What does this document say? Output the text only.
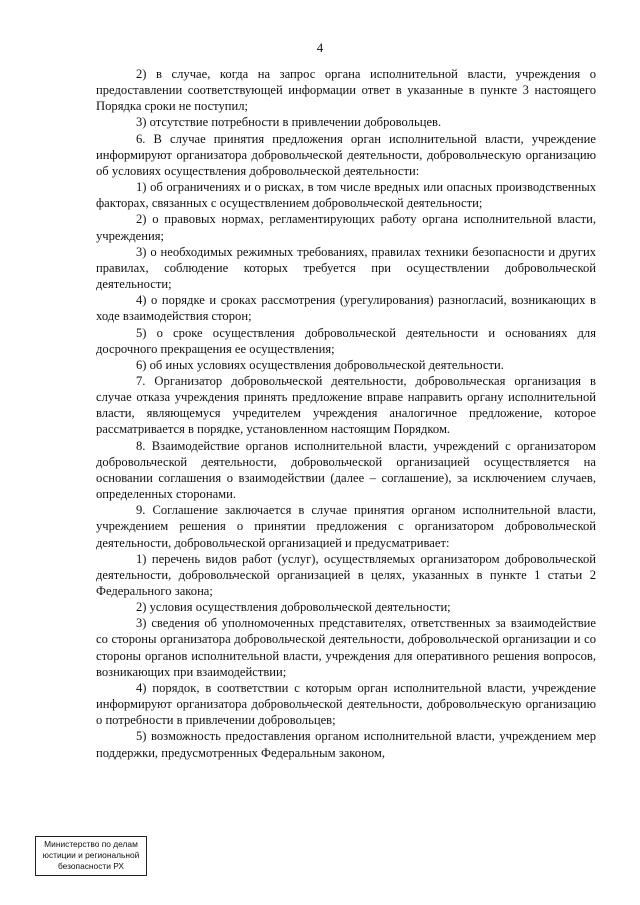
4

2) в случае, когда на запрос органа исполнительной власти, учреждения о предоставлении соответствующей информации ответ в указанные в пункте 3 настоящего Порядка сроки не поступил;

3) отсутствие потребности в привлечении добровольцев.

6. В случае принятия предложения орган исполнительной власти, учреждение информируют организатора добровольческой деятельности, добровольческую организацию об условиях осуществления добровольческой деятельности:

1) об ограничениях и о рисках, в том числе вредных или опасных производственных факторах, связанных с осуществлением добровольческой деятельности;

2) о правовых нормах, регламентирующих работу органа исполнительной власти, учреждения;

3) о необходимых режимных требованиях, правилах техники безопасности и других правилах, соблюдение которых требуется при осуществлении добровольческой деятельности;

4) о порядке и сроках рассмотрения (урегулирования) разногласий, возникающих в ходе взаимодействия сторон;

5) о сроке осуществления добровольческой деятельности и основаниях для досрочного прекращения ее осуществления;

6) об иных условиях осуществления добровольческой деятельности.

7. Организатор добровольческой деятельности, добровольческая организация в случае отказа учреждения принять предложение вправе направить органу исполнительной власти, являющемуся учредителем учреждения аналогичное предложение, которое рассматривается в порядке, установленном настоящим Порядком.

8. Взаимодействие органов исполнительной власти, учреждений с организатором добровольческой деятельности, добровольческой организацией осуществляется на основании соглашения о взаимодействии (далее – соглашение), за исключением случаев, определенных сторонами.

9. Соглашение заключается в случае принятия органом исполнительной власти, учреждением решения о принятии предложения с организатором добровольческой деятельности, добровольческой организацией и предусматривает:

1) перечень видов работ (услуг), осуществляемых организатором добровольческой деятельности, добровольческой организацией в целях, указанных в пункте 1 статьи 2 Федерального закона;

2) условия осуществления добровольческой деятельности;

3) сведения об уполномоченных представителях, ответственных за взаимодействие со стороны организатора добровольческой деятельности, добровольческой организации и со стороны органов исполнительной власти, учреждения для оперативного решения вопросов, возникающих при взаимодействии;

4) порядок, в соответствии с которым орган исполнительной власти, учреждение информируют организатора добровольческой деятельности, добровольческую организацию о потребности в привлечении добровольцев;

5) возможность предоставления органом исполнительной власти, учреждением мер поддержки, предусмотренных Федеральным законом,

Министерство по делам
юстиции и региональной
безопасности РХ
